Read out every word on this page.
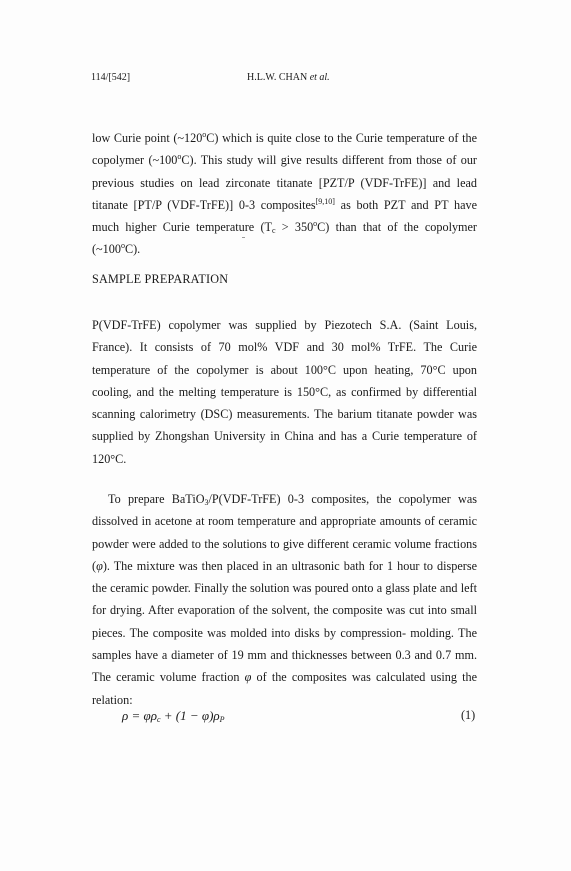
114/[542]	H.L.W. CHAN et al.

low Curie point (~120$^o$C) which is quite close to the Curie temperature of the copolymer (~100$^o$C). This study will give results different from those of our previous studies on lead zirconate titanate [PZT/P (VDF-TrFE)] and lead titanate [PT/P (VDF-TrFE)] 0-3 composites[9,10] as both PZT and PT have much higher Curie temperature $(T_c > 350^oC)$ than that of the copolymer (~100$^o$C).

SAMPLE PREPARATION

P(VDF-TrFE) copolymer was supplied by Piezotech S.A. (Saint Louis, France). It consists of 70 mol% VDF and 30 mol% TrFE. The Curie temperature of the copolymer is about 100°C upon heating, 70°C upon cooling, and the melting temperature is 150°C, as confirmed by differential scanning calorimetry (DSC) measurements. The barium titanate powder was supplied by Zhongshan University in China and has a Curie temperature of 120°C.

To prepare BaTiO$_3$/P(VDF-TrFE) 0-3 composites, the copolymer was dissolved in acetone at room temperature and appropriate amounts of ceramic powder were added to the solutions to give different ceramic volume fractions (φ). The mixture was then placed in an ultrasonic bath for 1 hour to disperse the ceramic powder. Finally the solution was poured onto a glass plate and left for drying. After evaporation of the solvent, the composite was cut into small pieces. The composite was molded into disks by compression- molding. The samples have a diameter of 19 mm and thicknesses between 0.3 and 0.7 mm. The ceramic volume fraction φ of the composites was calculated using the relation:

$\rho = \varphi\rho_c + (1 - \varphi)\rho_P$	(1)
